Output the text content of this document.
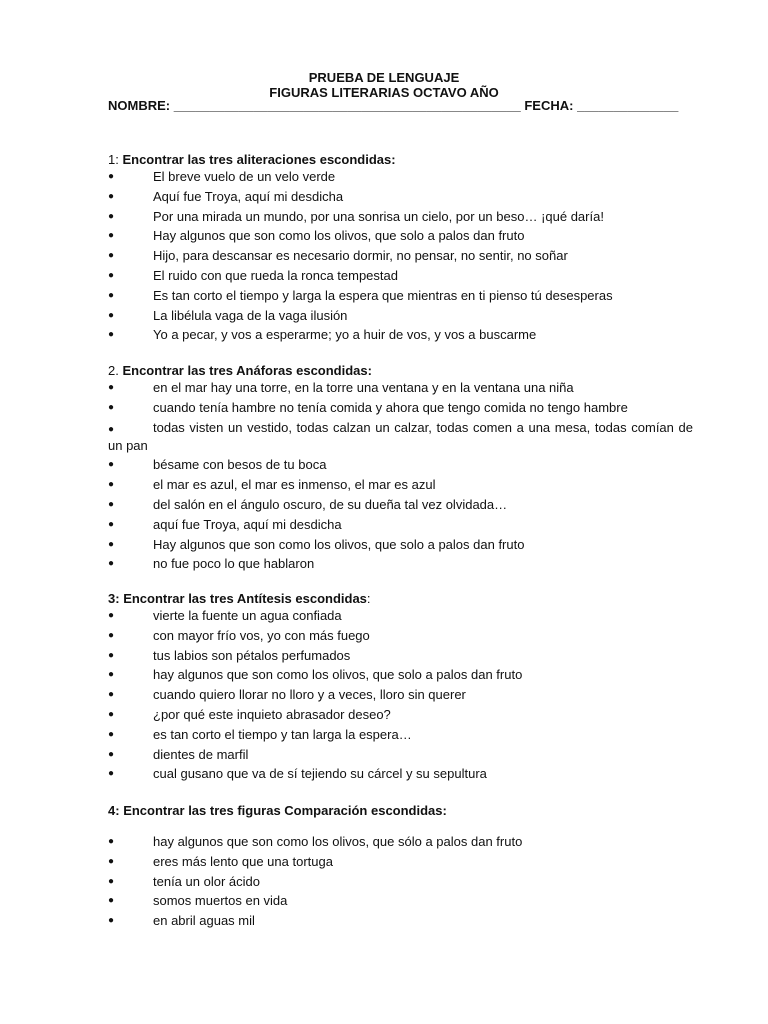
PRUEBA DE LENGUAJE
FIGURAS LITERARIAS OCTAVO AÑO
NOMBRE: ________________________________________________ FECHA: ______________
1: Encontrar las tres aliteraciones escondidas:
●	El breve vuelo de un velo verde
●	Aquí fue Troya, aquí mi desdicha
●	Por una mirada un mundo, por una sonrisa un cielo, por un beso… ¡qué daría!
●	Hay algunos que son como los olivos, que solo a palos dan fruto
●	Hijo, para descansar es necesario dormir, no pensar, no sentir, no soñar
●	El ruido con que rueda la ronca tempestad
●	Es tan corto el tiempo y larga la espera que mientras en ti pienso tú desesperas
●	La libélula vaga de la vaga ilusión
●	Yo a pecar, y vos a esperarme; yo a huir de vos, y vos a buscarme
2. Encontrar las tres Anáforas escondidas:
●	en el mar hay una torre, en la torre una ventana y en la ventana una niña
●	cuando tenía hambre no tenía comida y ahora que tengo comida no tengo hambre
●	todas visten un vestido, todas calzan un calzar, todas comen a una mesa, todas comían de un pan
●	bésame con besos de tu boca
●	el mar es azul, el mar es inmenso, el mar es azul
●	del salón en el ángulo oscuro, de su dueña tal vez olvidada…
●	aquí fue Troya, aquí mi desdicha
●	Hay algunos que son como los olivos, que solo a palos dan fruto
●	no fue poco lo que hablaron
3: Encontrar las tres Antítesis escondidas:
●	vierte la fuente un agua confiada
●	con mayor frío vos, yo con más fuego
●	tus labios son pétalos perfumados
●	hay algunos que son como los olivos, que solo a palos dan fruto
●	cuando quiero llorar no lloro y a veces, lloro sin querer
●	¿por qué este inquieto abrasador deseo?
●	es tan corto el tiempo y tan larga la espera…
●	dientes de marfil
●	cual gusano que va de sí tejiendo su cárcel y su sepultura
4: Encontrar las tres figuras Comparación escondidas:
●	hay algunos que son como los olivos, que sólo a palos dan fruto
●	eres más lento que una tortuga
●	tenía un olor ácido
●	somos muertos en vida
●	en abril aguas mil
